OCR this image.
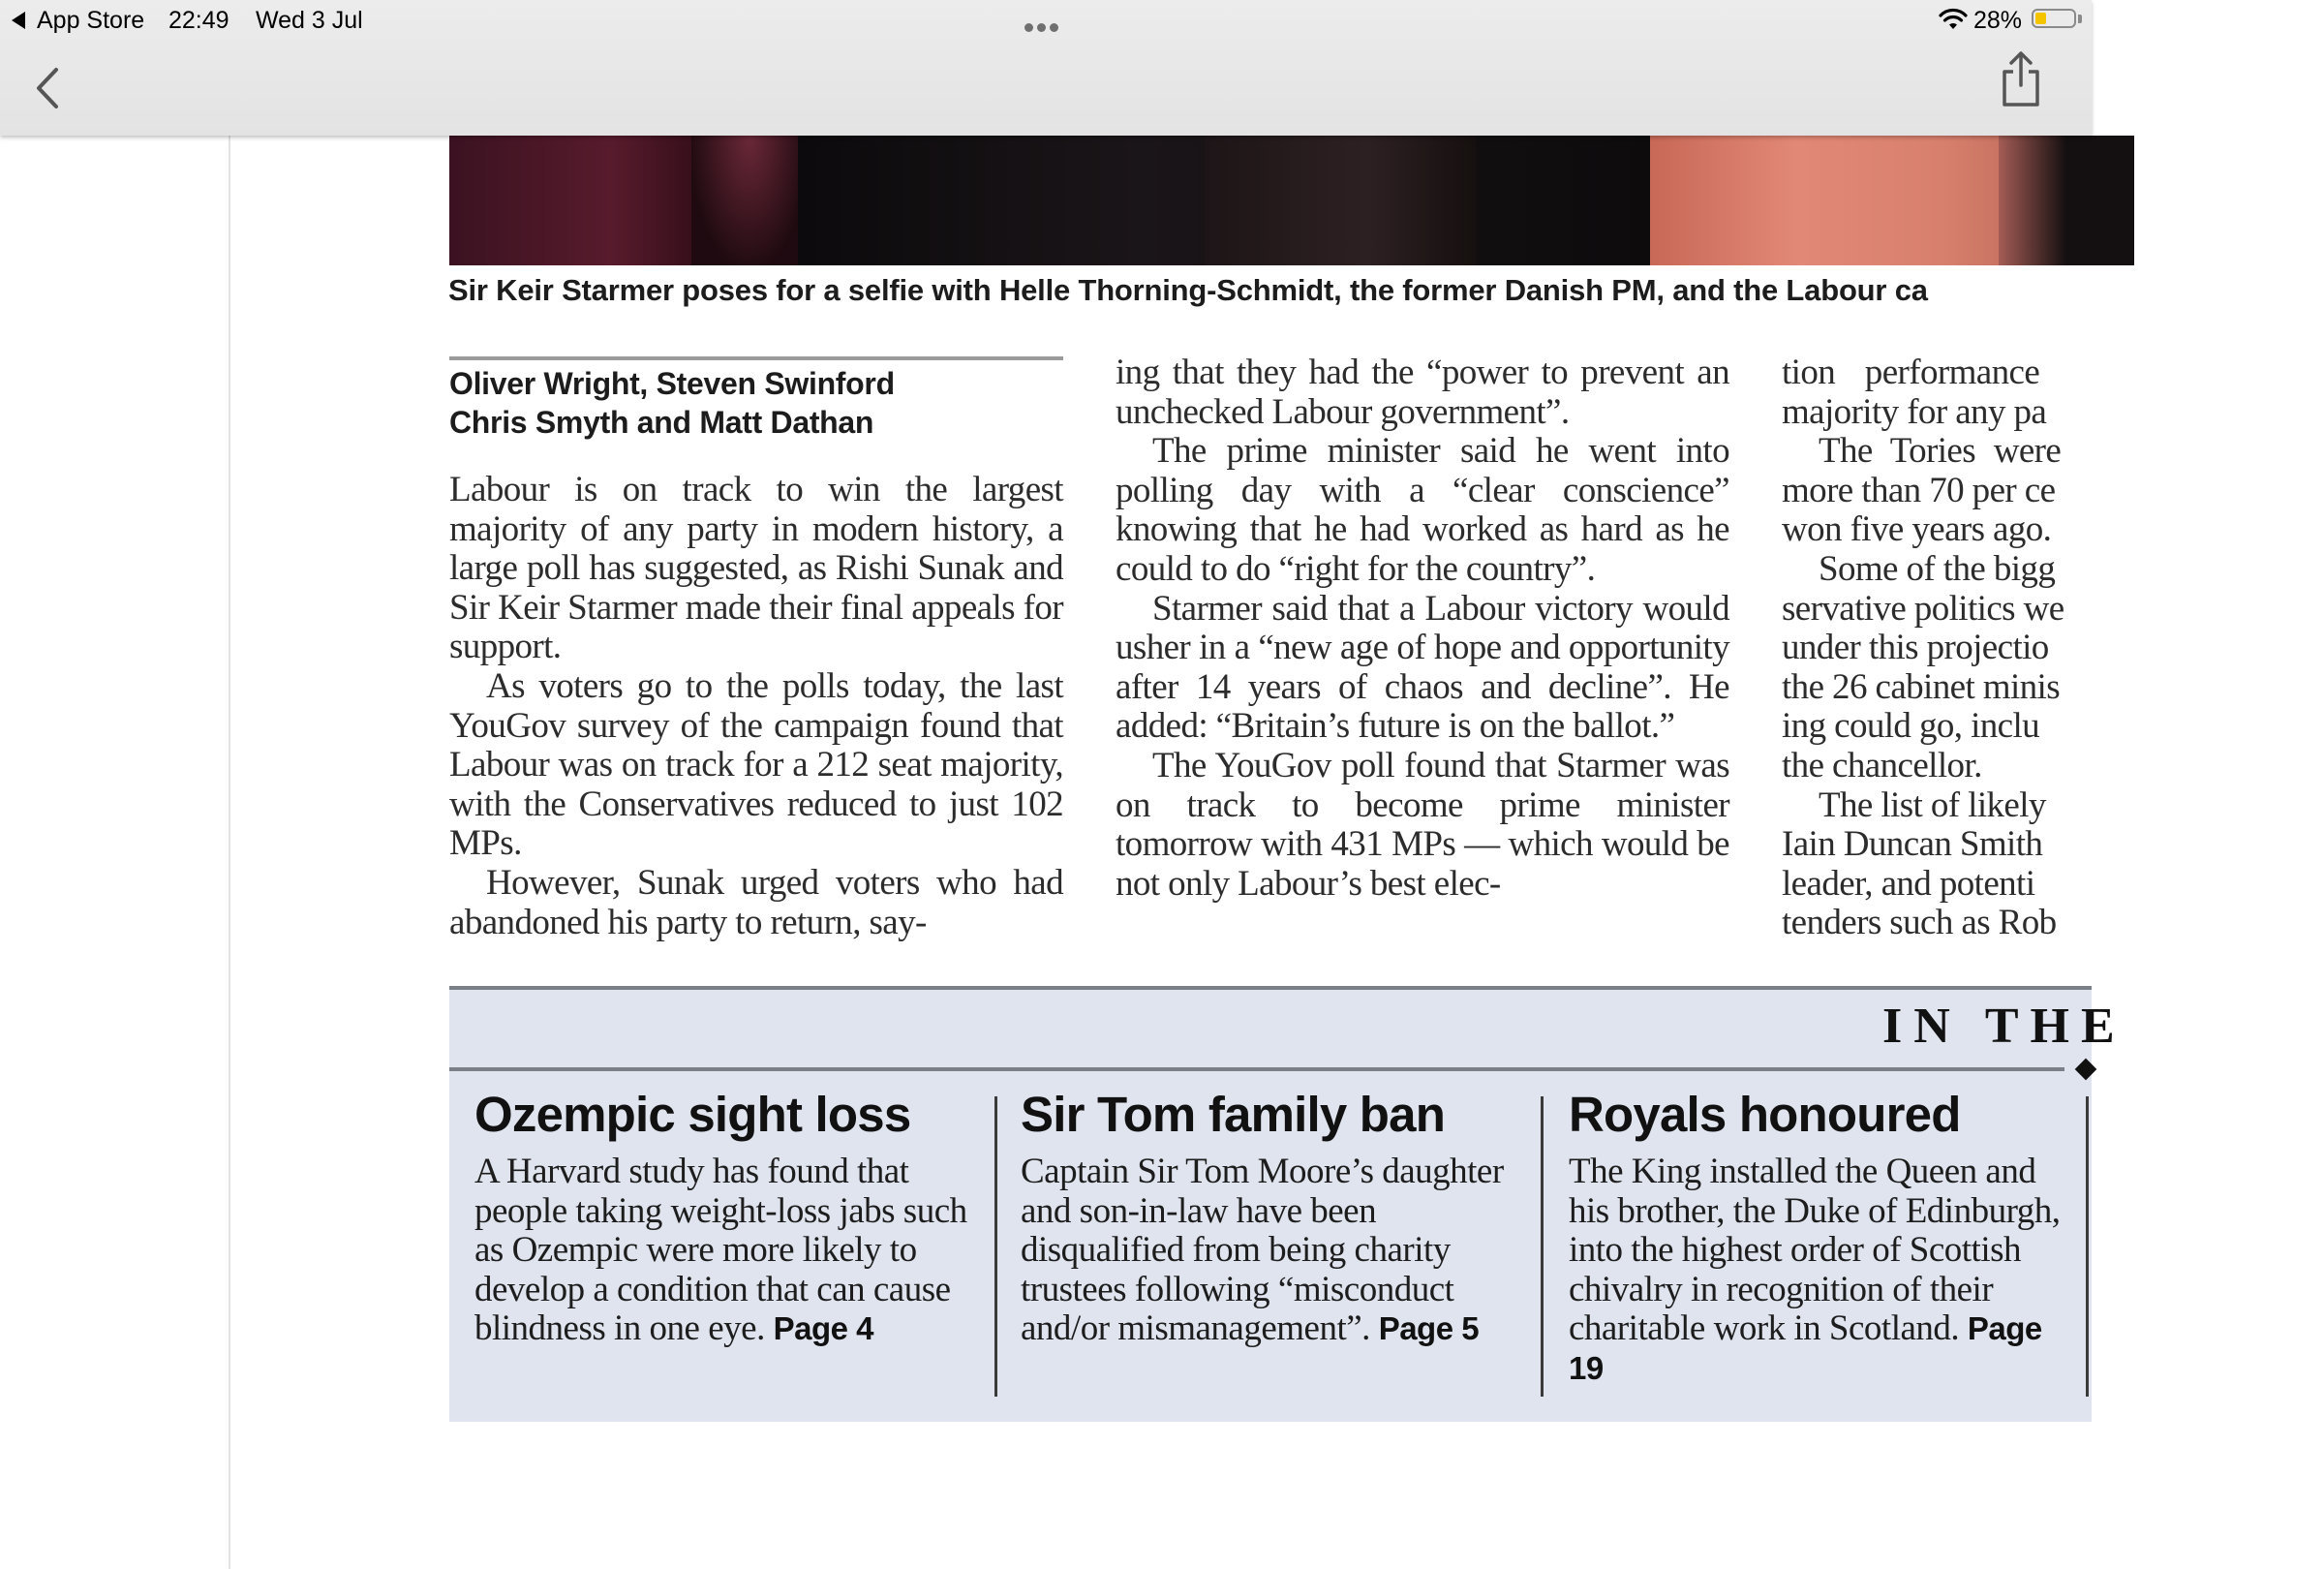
App Store 22:49 Wed 3 Jul	28%
Sir Keir Starmer poses for a selfie with Helle Thorning-Schmidt, the former Danish PM, and the Labour ca
Oliver Wright, Steven Swinford
Chris Smyth and Matt Dathan

Labour is on track to win the largest majority of any party in modern history, a large poll has suggested, as Rishi Sunak and Sir Keir Starmer made their final appeals for support.

As voters go to the polls today, the last YouGov survey of the campaign found that Labour was on track for a 212 seat majority, with the Conservatives reduced to just 102 MPs.

However, Sunak urged voters who had abandoned his party to return, say-

ing that they had the “power to prevent an unchecked Labour government”.

The prime minister said he went into polling day with a “clear conscience” knowing that he had worked as hard as he could to do “right for the country”.

Starmer said that a Labour victory would usher in a “new age of hope and opportunity after 14 years of chaos and decline”. He added: “Britain’s future is on the ballot.”

The YouGov poll found that Starmer was on track to become prime minister tomorrow with 431 MPs — which would be not only Labour’s best elec-

tion performance
majority for any pa
The Tories were
more than 70 per ce
won five years ago.
Some of the bigg
servative politics we
under this projectio
the 26 cabinet minis
ing could go, inclu
the chancellor.
The list of likely
Iain Duncan Smith
leader, and potenti
tenders such as Rob
IN THE
Ozempic sight loss
A Harvard study has found that people taking weight-loss jabs such as Ozempic were more likely to develop a condition that can cause blindness in one eye. Page 4
Sir Tom family ban
Captain Sir Tom Moore’s daughter and son-in-law have been disqualified from being charity trustees following “misconduct and/or mismanagement”. Page 5
Royals honoured
The King installed the Queen and his brother, the Duke of Edinburgh, into the highest order of Scottish chivalry in recognition of their charitable work in Scotland. Page 19
